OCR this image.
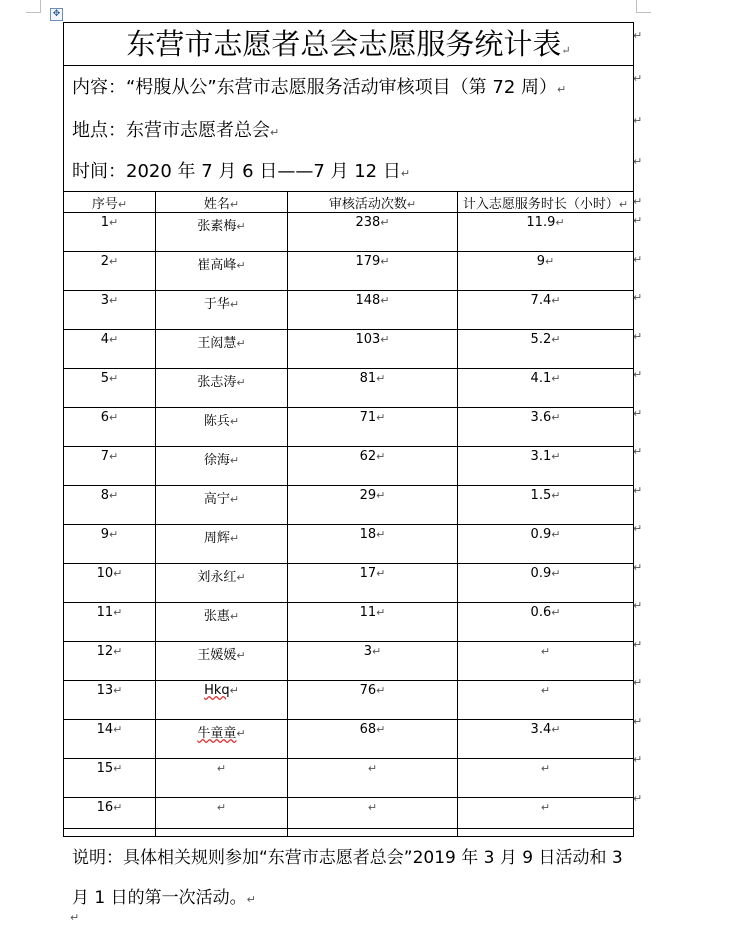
✥
东营市志愿者总会志愿服务统计表↵
内容：“枵腹从公”东营市志愿服务活动审核项目（第 72 周）↵
地点：东营市志愿者总会↵
时间：2020 年 7 月 6 日——7 月 12 日↵
序号↵	姓名↵	审核活动次数↵	计入志愿服务时长（小时）↵
1↵	张素梅↵	238↵	11.9↵
2↵	崔高峰↵	179↵	9↵
3↵	于华↵	148↵	7.4↵
4↵	王闳慧↵	103↵	5.2↵
5↵	张志涛↵	81↵	4.1↵
6↵	陈兵↵	71↵	3.6↵
7↵	徐海↵	62↵	3.1↵
8↵	高宁↵	29↵	1.5↵
9↵	周辉↵	18↵	0.9↵
10↵	刘永红↵	17↵	0.9↵
11↵	张惠↵	11↵	0.6↵
12↵	王媛媛↵	3↵	↵
13↵	Hkq↵	76↵	↵
14↵	牛童童↵	68↵	3.4↵
15↵	↵	↵	↵
16↵	↵	↵	↵
↵
↵
↵
↵
↵
↵
↵
↵
↵
↵
↵
↵
↵
↵
↵
↵
↵
↵
↵
↵
↵
说明：具体相关规则参加“东营市志愿者总会”2019 年 3 月 9 日活动和 3 月 1 日的第一次活动。↵
↵
